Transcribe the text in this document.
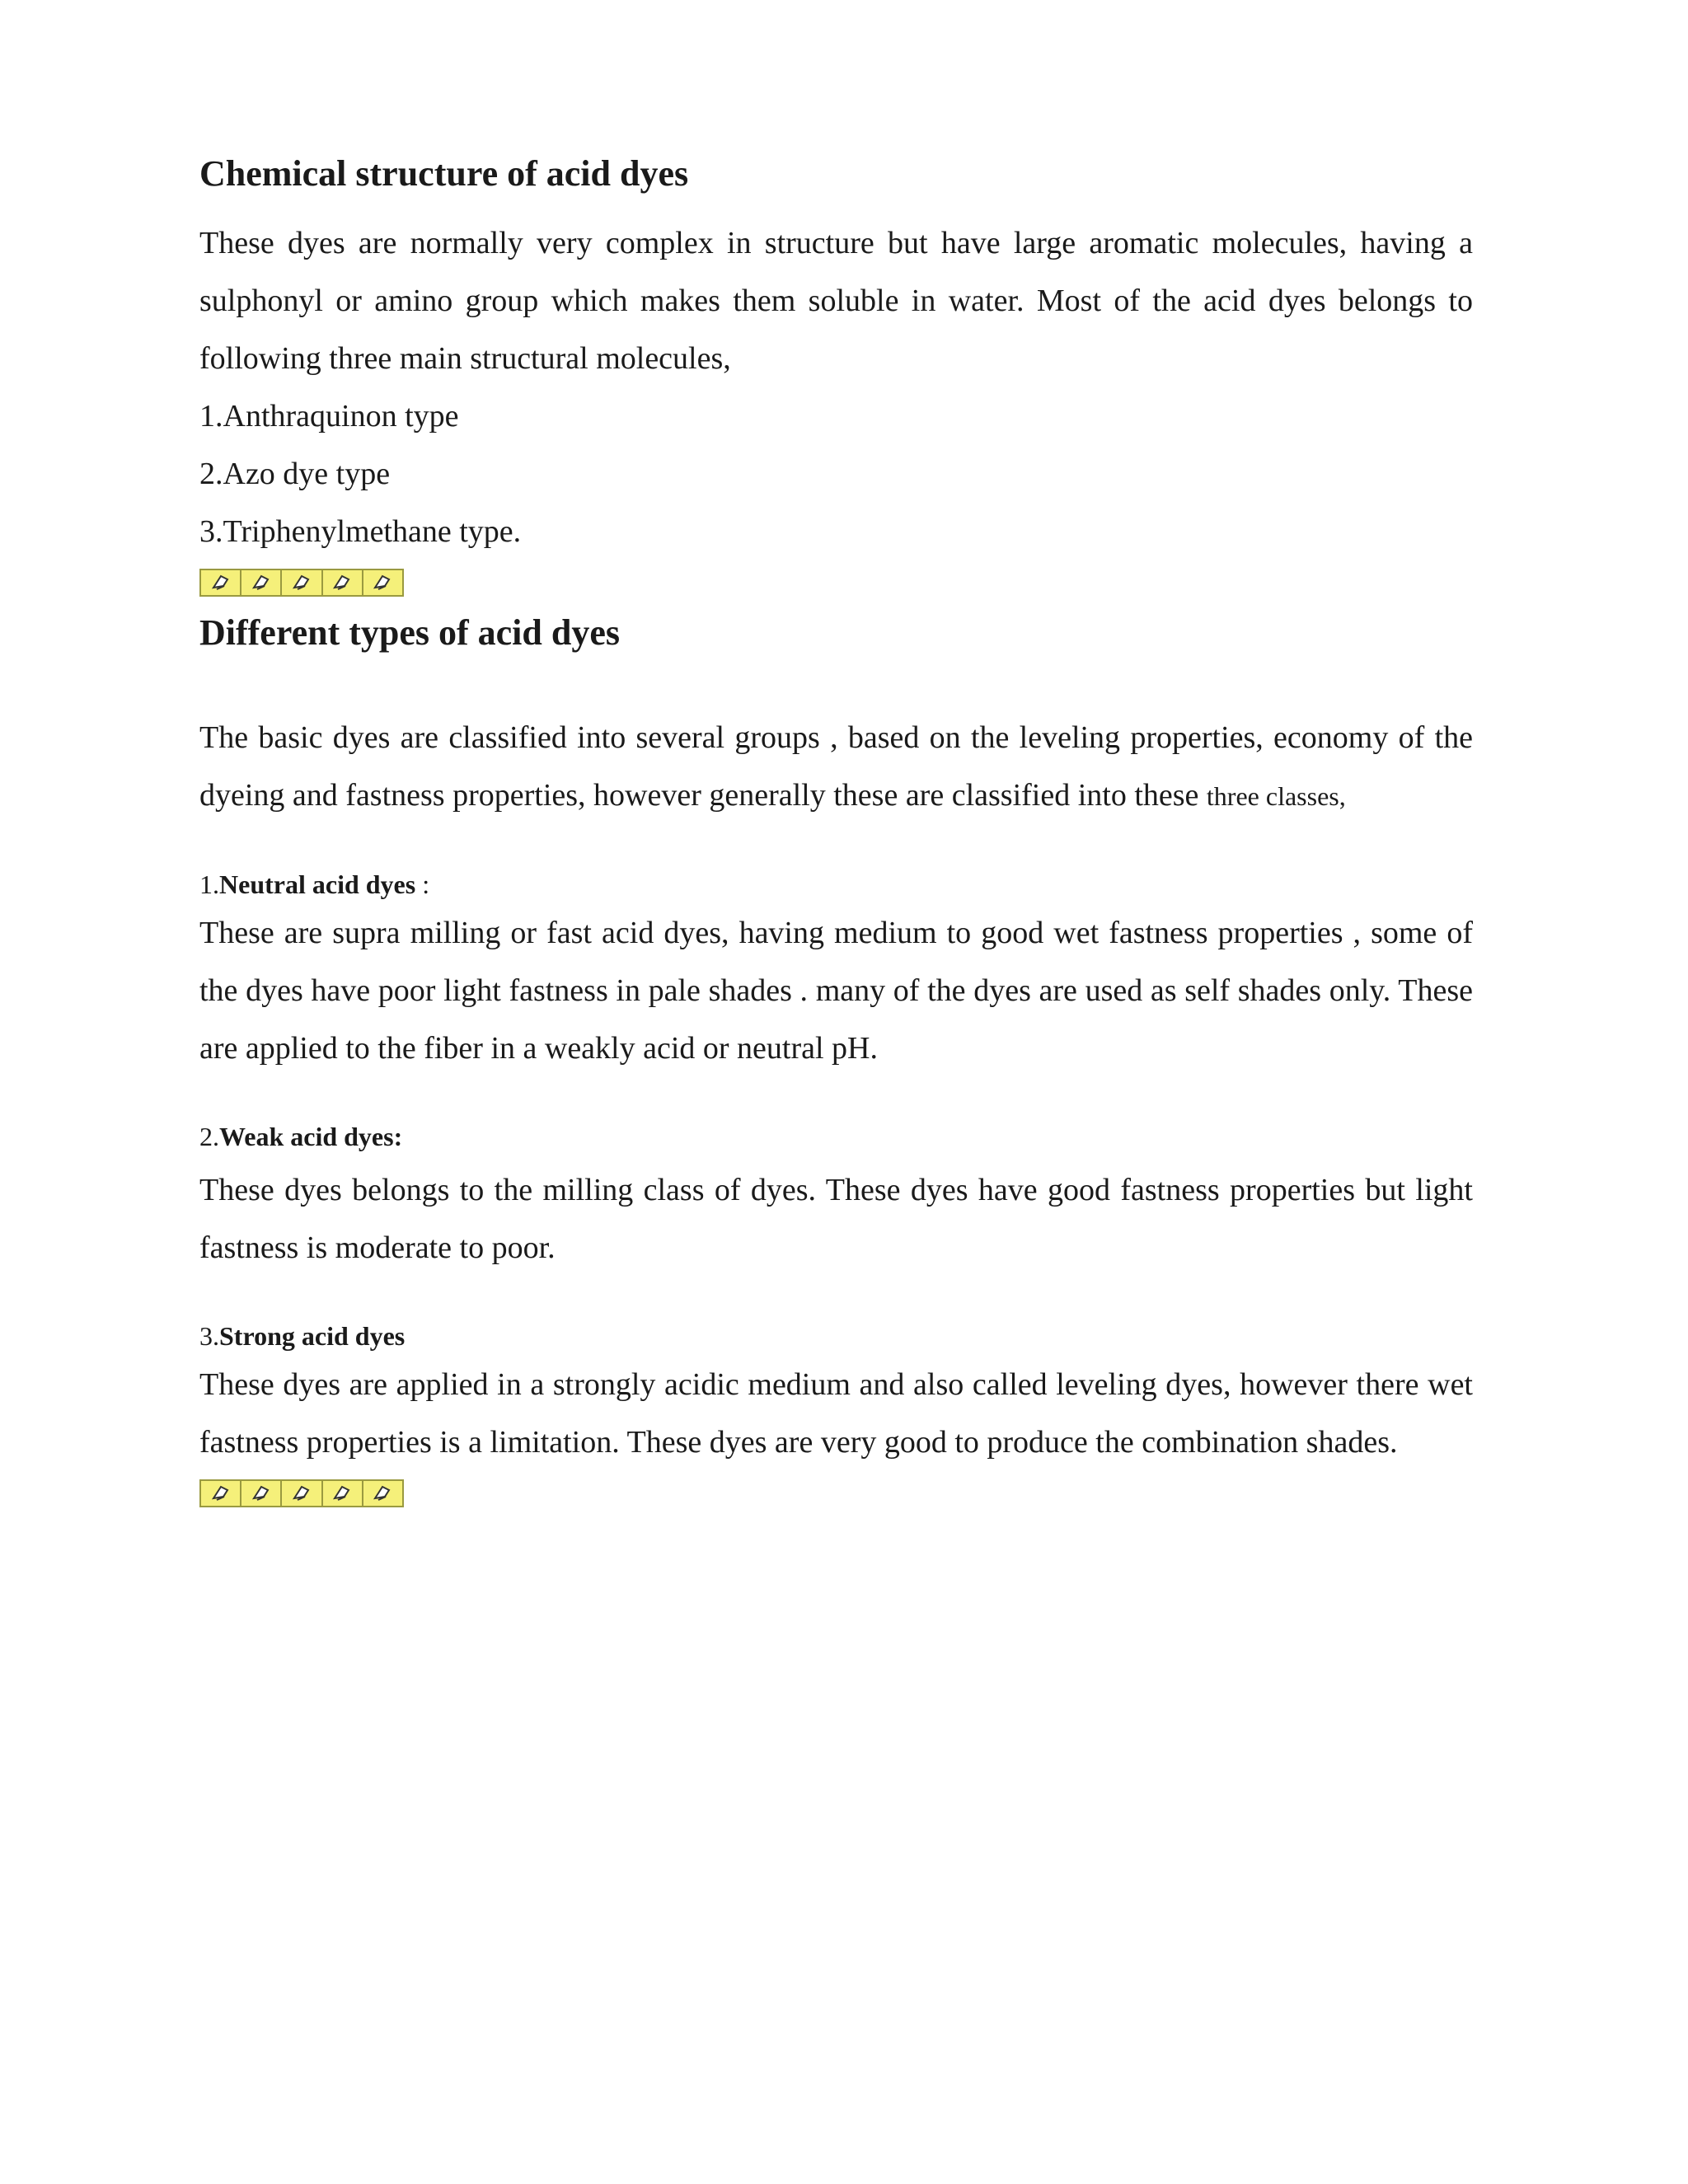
Chemical structure of acid dyes

These dyes are normally very complex in structure but have large aromatic molecules, having a sulphonyl or amino group which makes them soluble in water. Most of the acid dyes belongs to following three main structural molecules,

1.Anthraquinon type

2.Azo dye type

3.Triphenylmethane type.

Different types of acid dyes

The basic dyes are classified into several groups , based on the leveling properties, economy of the dyeing and fastness properties, however generally these are classified into these three classes,

1.Neutral acid dyes :

These are supra milling or fast acid dyes, having medium to good wet fastness properties , some of the dyes have poor light fastness in pale shades . many of the dyes are used as self shades only. These are applied to the fiber in a weakly acid or neutral pH.

2.Weak acid dyes:

These dyes belongs to the milling class of dyes. These dyes have good fastness properties but light fastness is moderate to poor.

3.Strong acid dyes

These dyes are applied in a strongly acidic medium and also called leveling dyes, however there wet fastness properties is a limitation. These dyes are very good to produce the combination shades.
